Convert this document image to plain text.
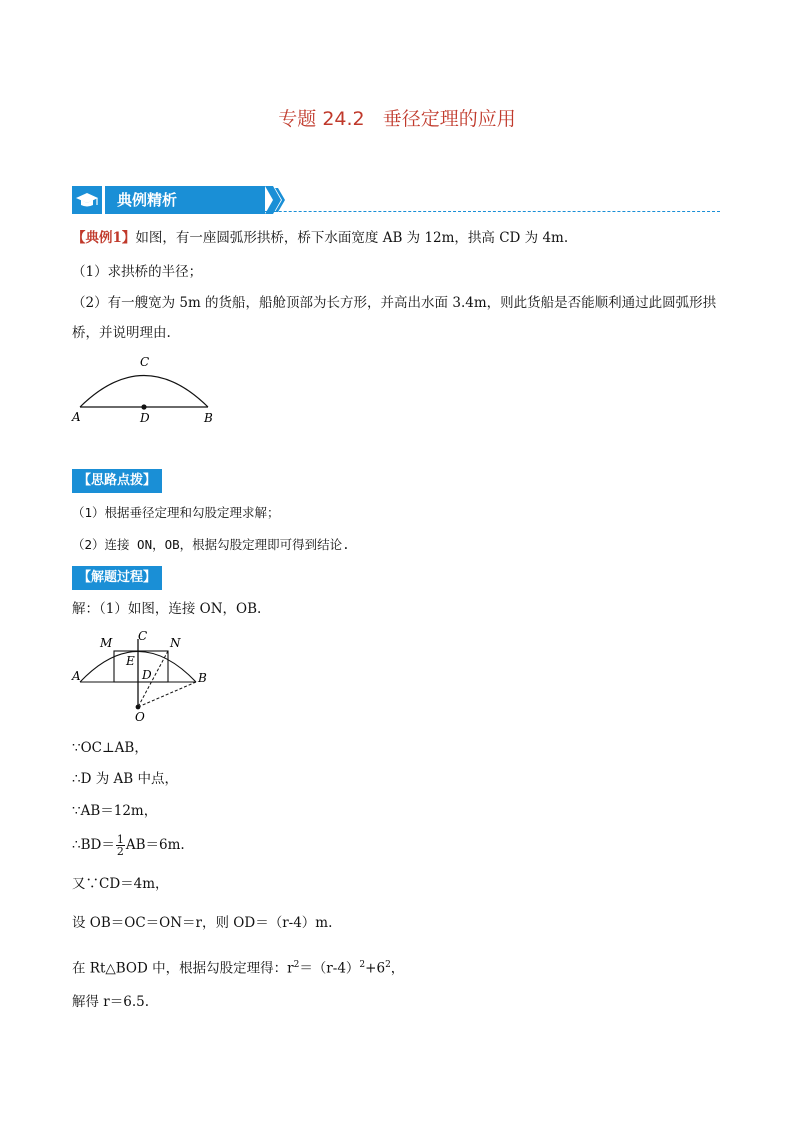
专题 24.2 垂径定理的应用
典例精析
【典例1】如图，有一座圆弧形拱桥，桥下水面宽度 AB 为 12m，拱高 CD 为 4m.
（1）求拱桥的半径；
（2）有一艘宽为 5m 的货船，船舱顶部为长方形，并高出水面 3.4m，则此货船是否能顺利通过此圆弧形拱
桥，并说明理由.
C
A	D	B
【思路点拨】
（1）根据垂径定理和勾股定理求解；
（2）连接 ON，OB，根据勾股定理即可得到结论.
【解题过程】
解：（1）如图，连接 ON，OB.
M C N
E
D
A	B
O
∵OC⊥AB，
∴D 为 AB 中点，
∵AB＝12m，
∴BD＝ $\frac{1}{2} AB=6m$.
又∵CD＝4m，
设 OB＝OC＝ON＝r，则 OD＝（r-4）m.
在 Rt△BOD 中，根据勾股定理得：$r^2=(r-4)^2+6^2$，
解得 r＝6.5.
